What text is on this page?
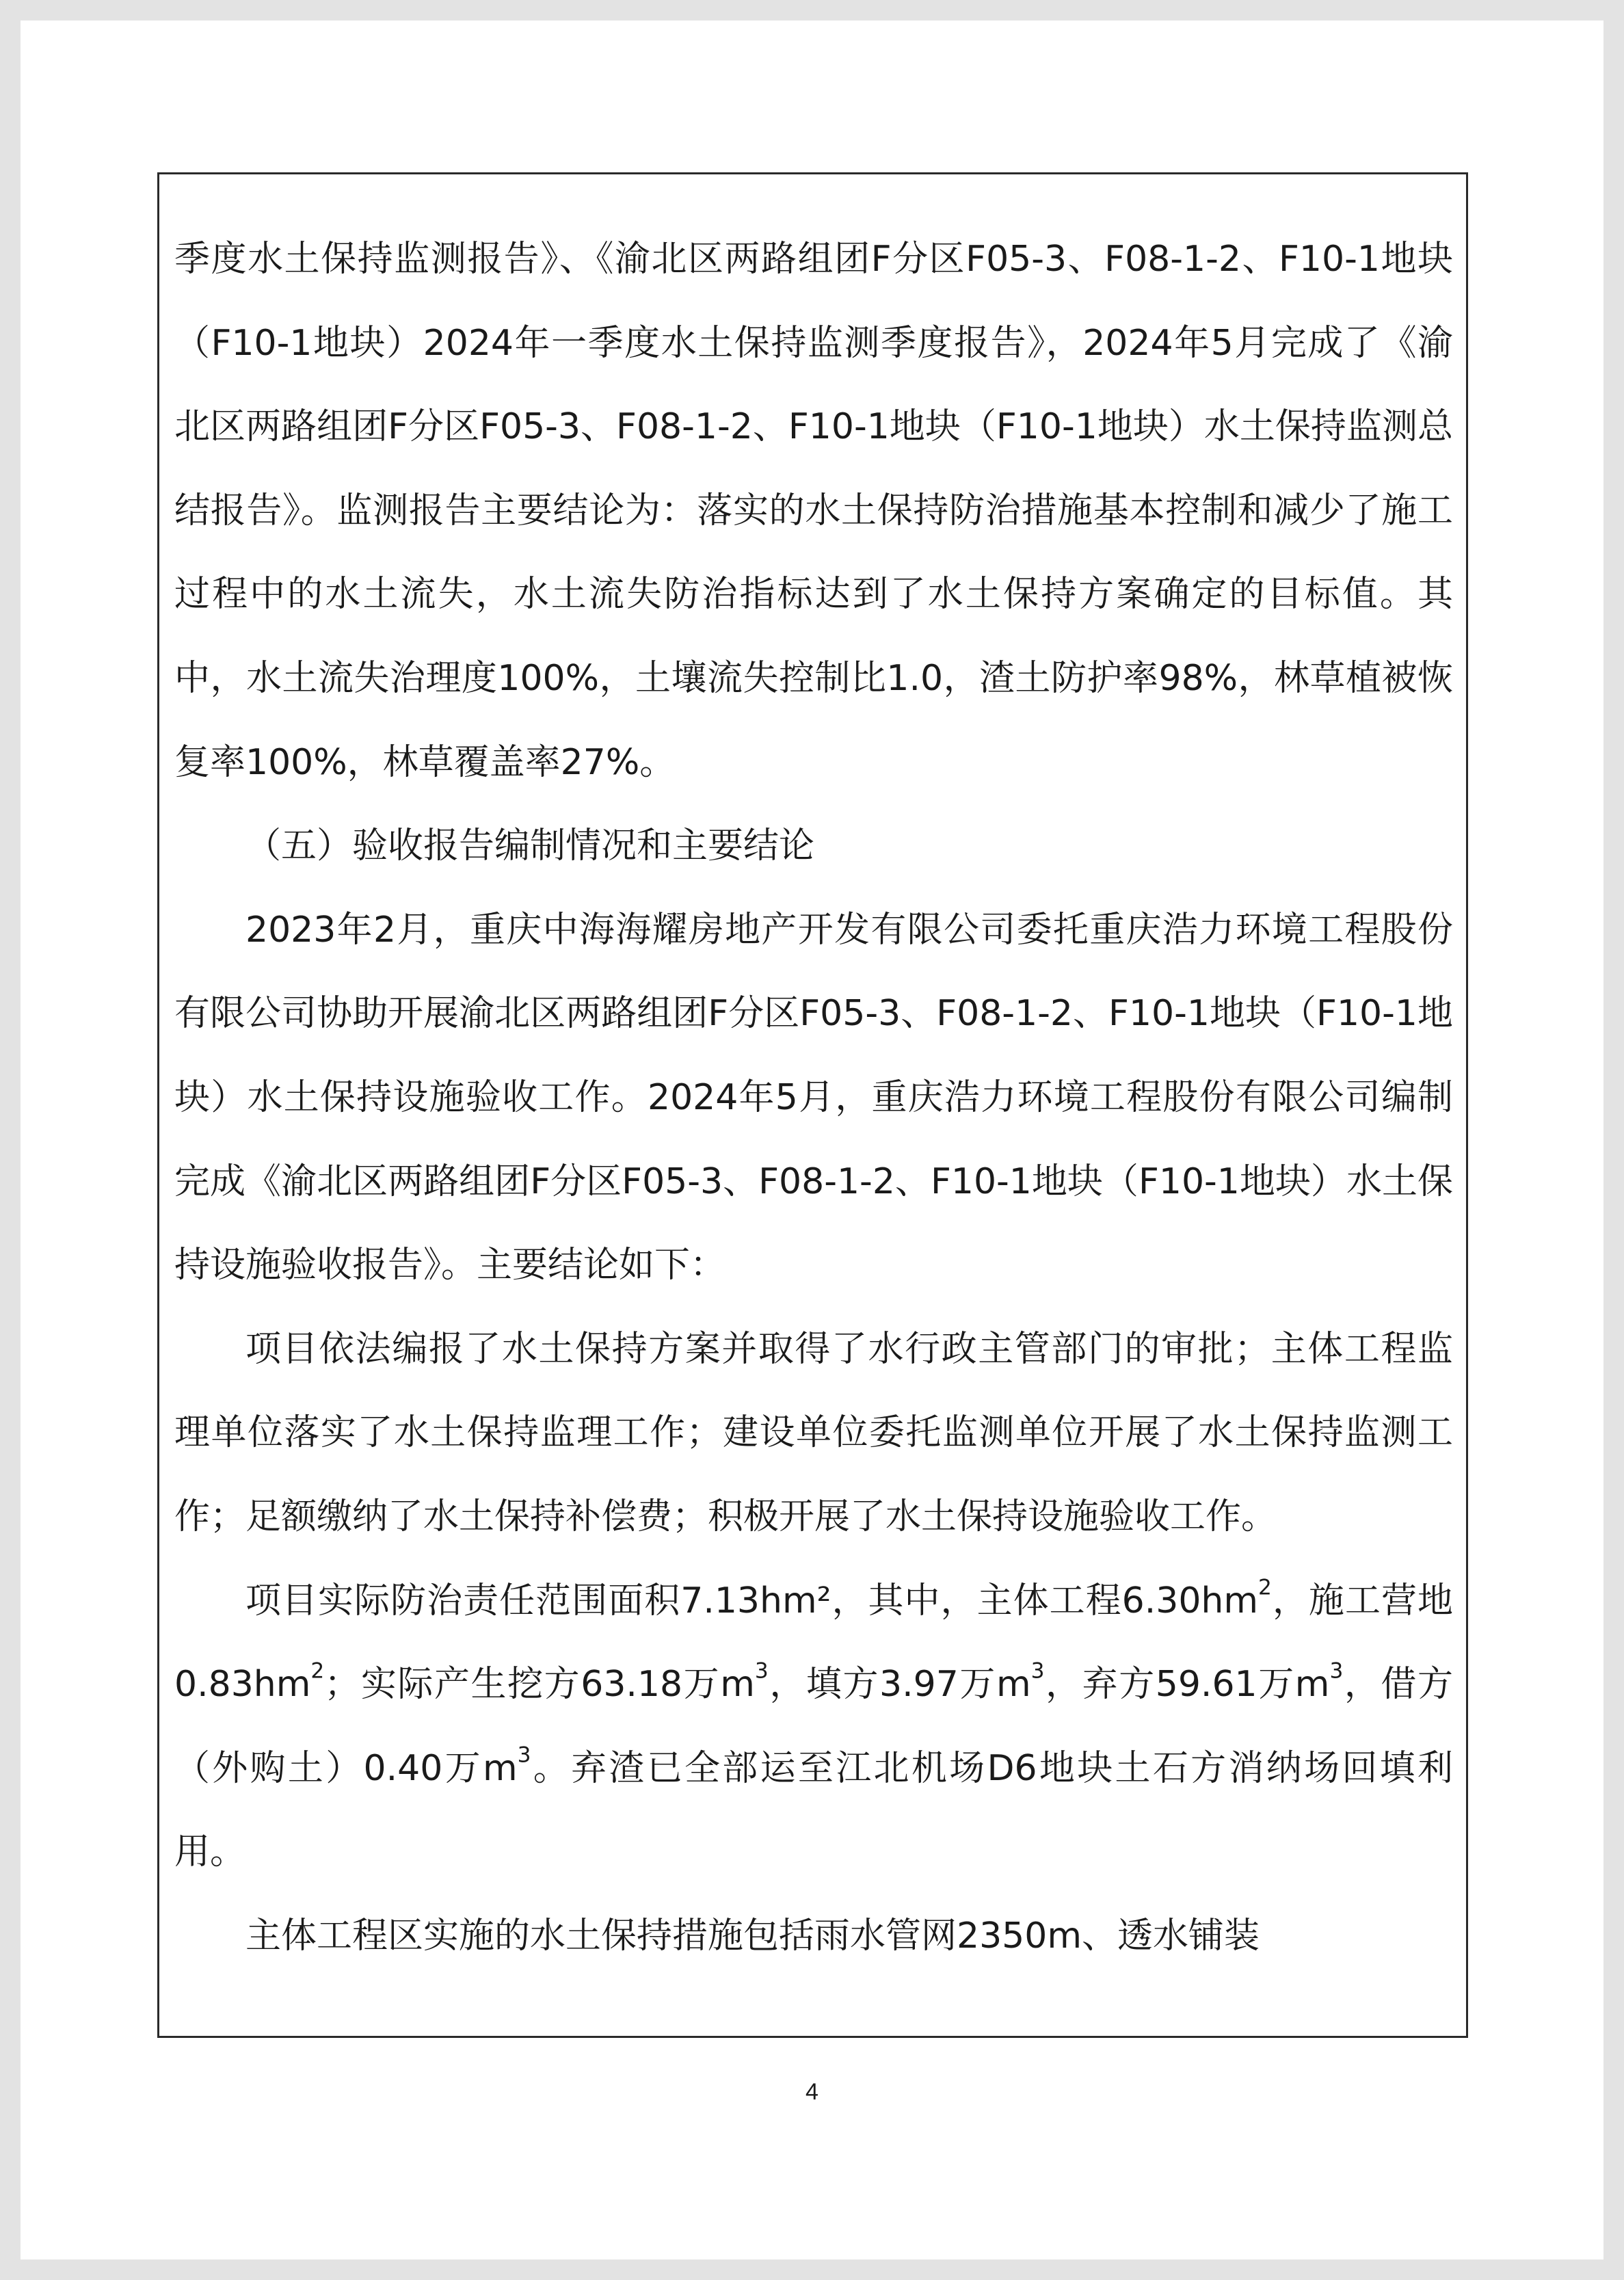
季度水土保持监测报告》、《渝北区两路组团F分区F05-3、F08-1-2、F10-1地块（F10-1地块）2024年一季度水土保持监测季度报告》，2024年5月完成了《渝北区两路组团F分区F05-3、F08-1-2、F10-1地块（F10-1地块）水土保持监测总结报告》。监测报告主要结论为：落实的水土保持防治措施基本控制和减少了施工过程中的水土流失，水土流失防治指标达到了水土保持方案确定的目标值。其中，水土流失治理度100%，土壤流失控制比1.0，渣土防护率98%，林草植被恢复率100%，林草覆盖率27%。

（五）验收报告编制情况和主要结论

2023年2月，重庆中海海耀房地产开发有限公司委托重庆浩力环境工程股份有限公司协助开展渝北区两路组团F分区F05-3、F08-1-2、F10-1地块（F10-1地块）水土保持设施验收工作。2024年5月，重庆浩力环境工程股份有限公司编制完成《渝北区两路组团F分区F05-3、F08-1-2、F10-1地块（F10-1地块）水土保持设施验收报告》。主要结论如下：

项目依法编报了水土保持方案并取得了水行政主管部门的审批；主体工程监理单位落实了水土保持监理工作；建设单位委托监测单位开展了水土保持监测工作；足额缴纳了水土保持补偿费；积极开展了水土保持设施验收工作。

项目实际防治责任范围面积7.13hm²，其中，主体工程$6.30hm^2$，施工营地$0.83hm^2$；实际产生挖方63.18万$m^3$，填方3.97万$m^3$，弃方59.61万$m^3$，借方（外购土）0.40万$m^3$。弃渣已全部运至江北机场D6地块土石方消纳场回填利用。

主体工程区实施的水土保持措施包括雨水管网2350m、透水铺装

4
